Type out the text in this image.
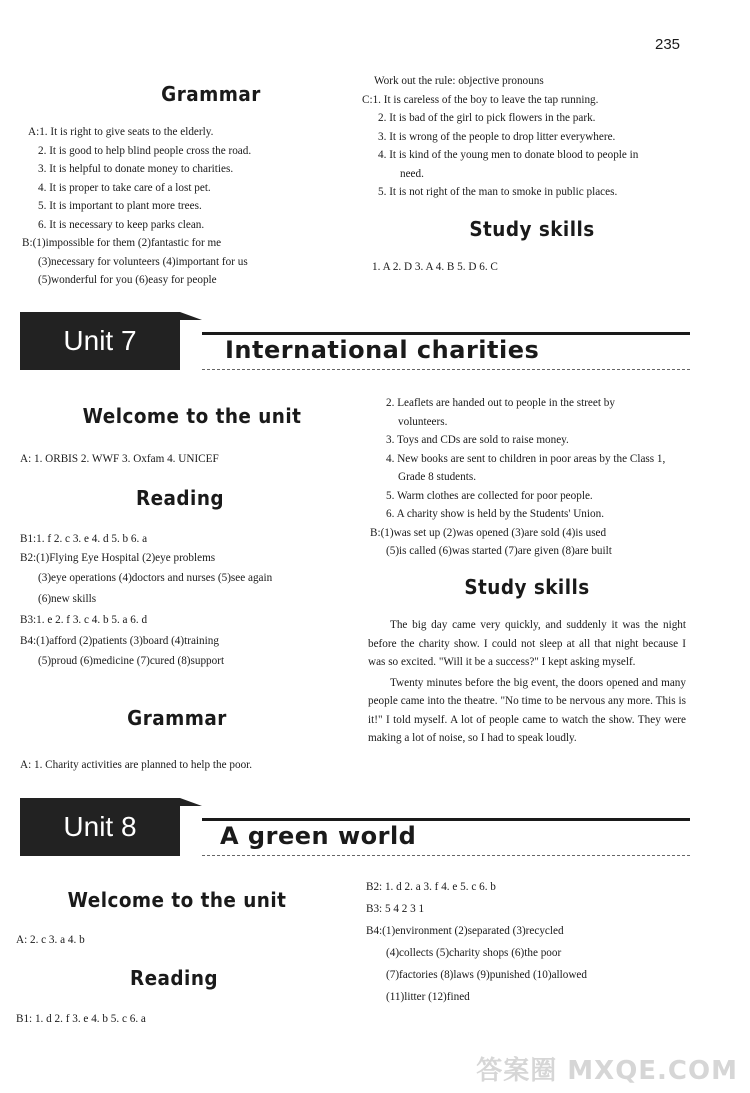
235
Grammar
A:1. It is right to give seats to the elderly.
2. It is good to help blind people cross the road.
3. It is helpful to donate money to charities.
4. It is proper to take care of a lost pet.
5. It is important to plant more trees.
6. It is necessary to keep parks clean.
B:(1)impossible for them (2)fantastic for me
(3)necessary for volunteers (4)important for us
(5)wonderful for you (6)easy for people
Work out the rule: objective pronouns
C:1. It is careless of the boy to leave the tap running.
2. It is bad of the girl to pick flowers in the park.
3. It is wrong of the people to drop litter everywhere.
4. It is kind of the young men to donate blood to people in
need.
5. It is not right of the man to smoke in public places.
Study skills
1. A 2. D 3. A 4. B 5. D 6. C
Unit 7	International charities
Welcome to the unit
A: 1. ORBIS 2. WWF 3. Oxfam 4. UNICEF
Reading
B1:1. f 2. c 3. e 4. d 5. b 6. a
B2:(1)Flying Eye Hospital (2)eye problems
(3)eye operations (4)doctors and nurses (5)see again
(6)new skills
B3:1. e 2. f 3. c 4. b 5. a 6. d
B4:(1)afford (2)patients (3)board (4)training
(5)proud (6)medicine (7)cured (8)support
Grammar
A: 1. Charity activities are planned to help the poor.
2. Leaflets are handed out to people in the street by
volunteers.
3. Toys and CDs are sold to raise money.
4. New books are sent to children in poor areas by the Class 1,
Grade 8 students.
5. Warm clothes are collected for poor people.
6. A charity show is held by the Students' Union.
B:(1)was set up (2)was opened (3)are sold (4)is used
(5)is called (6)was started (7)are given (8)are built
Study skills
The big day came very quickly, and suddenly it was the night before the charity show. I could not sleep at all that night because I was so excited. "Will it be a success?" I kept asking myself.
Twenty minutes before the big event, the doors opened and many people came into the theatre. "No time to be nervous any more. This is it!" I told myself. A lot of people came to watch the show. They were making a lot of noise, so I had to speak loudly.
Unit 8	A green world
Welcome to the unit
A: 2. c 3. a 4. b
Reading
B1: 1. d 2. f 3. e 4. b 5. c 6. a
B2: 1. d 2. a 3. f 4. e 5. c 6. b
B3: 5 4 2 3 1
B4:(1)environment (2)separated (3)recycled
(4)collects (5)charity shops (6)the poor
(7)factories (8)laws (9)punished (10)allowed
(11)litter (12)fined
答案圈 MXQE.COM
